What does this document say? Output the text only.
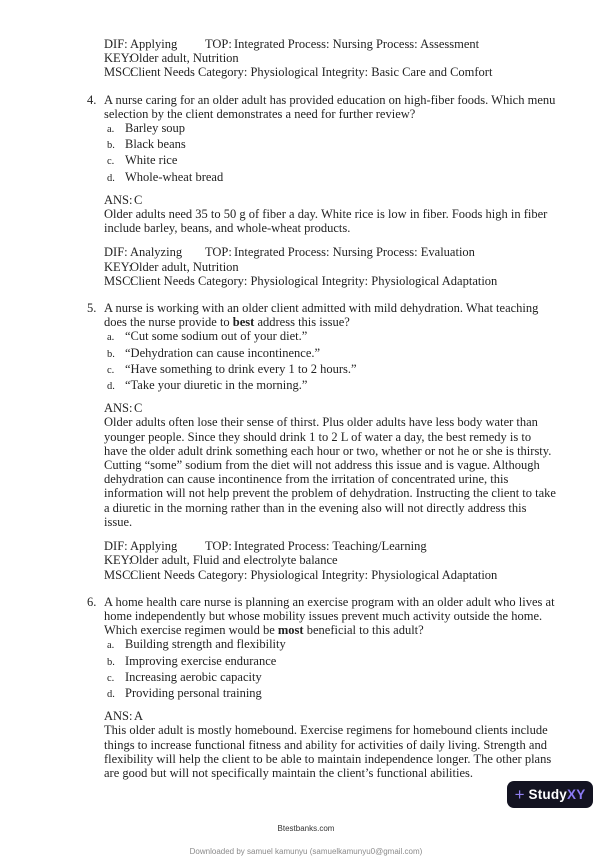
DIF: Applying TOP: Integrated Process: Nursing Process: Assessment
KEY:Older adult, Nutrition
MSC:Client Needs Category: Physiological Integrity: Basic Care and Comfort
4. A nurse caring for an older adult has provided education on high-fiber foods. Which menu selection by the client demonstrates a need for further review?

a. Barley soup
b. Black beans
c. White rice
d. Whole-wheat bread
ANS: C

Older adults need 35 to 50 g of fiber a day. White rice is low in fiber. Foods high in fiber include barley, beans, and whole-wheat products.

DIF: Analyzing TOP: Integrated Process: Nursing Process: Evaluation
KEY:Older adult, Nutrition
MSC:Client Needs Category: Physiological Integrity: Physiological Adaptation
5. A nurse is working with an older client admitted with mild dehydration. What teaching does the nurse provide to best address this issue?

a. “Cut some sodium out of your diet.”
b. “Dehydration can cause incontinence.”
c. “Have something to drink every 1 to 2 hours.”
d. “Take your diuretic in the morning.”
ANS: C

Older adults often lose their sense of thirst. Plus older adults have less body water than younger people. Since they should drink 1 to 2 L of water a day, the best remedy is to have the older adult drink something each hour or two, whether or not he or she is thirsty. Cutting “some” sodium from the diet will not address this issue and is vague. Although dehydration can cause incontinence from the irritation of concentrated urine, this information will not help prevent the problem of dehydration. Instructing the client to take a diuretic in the morning rather than in the evening also will not directly address this issue.

DIF: Applying TOP: Integrated Process: Teaching/Learning
KEY:Older adult, Fluid and electrolyte balance
MSC:Client Needs Category: Physiological Integrity: Physiological Adaptation
6. A home health care nurse is planning an exercise program with an older adult who lives at home independently but whose mobility issues prevent much activity outside the home. Which exercise regimen would be most beneficial to this adult?

a. Building strength and flexibility
b. Improving exercise endurance
c. Increasing aerobic capacity
d. Providing personal training
ANS: A

This older adult is mostly homebound. Exercise regimens for homebound clients include things to increase functional fitness and ability for activities of daily living. Strength and flexibility will help the client to be able to maintain independence longer. The other plans are good but will not specifically maintain the client’s functional abilities.

+ Study XY
Btestbanks.com
Downloaded by samuel kamunyu (samuelkamunyu0@gmail.com)
